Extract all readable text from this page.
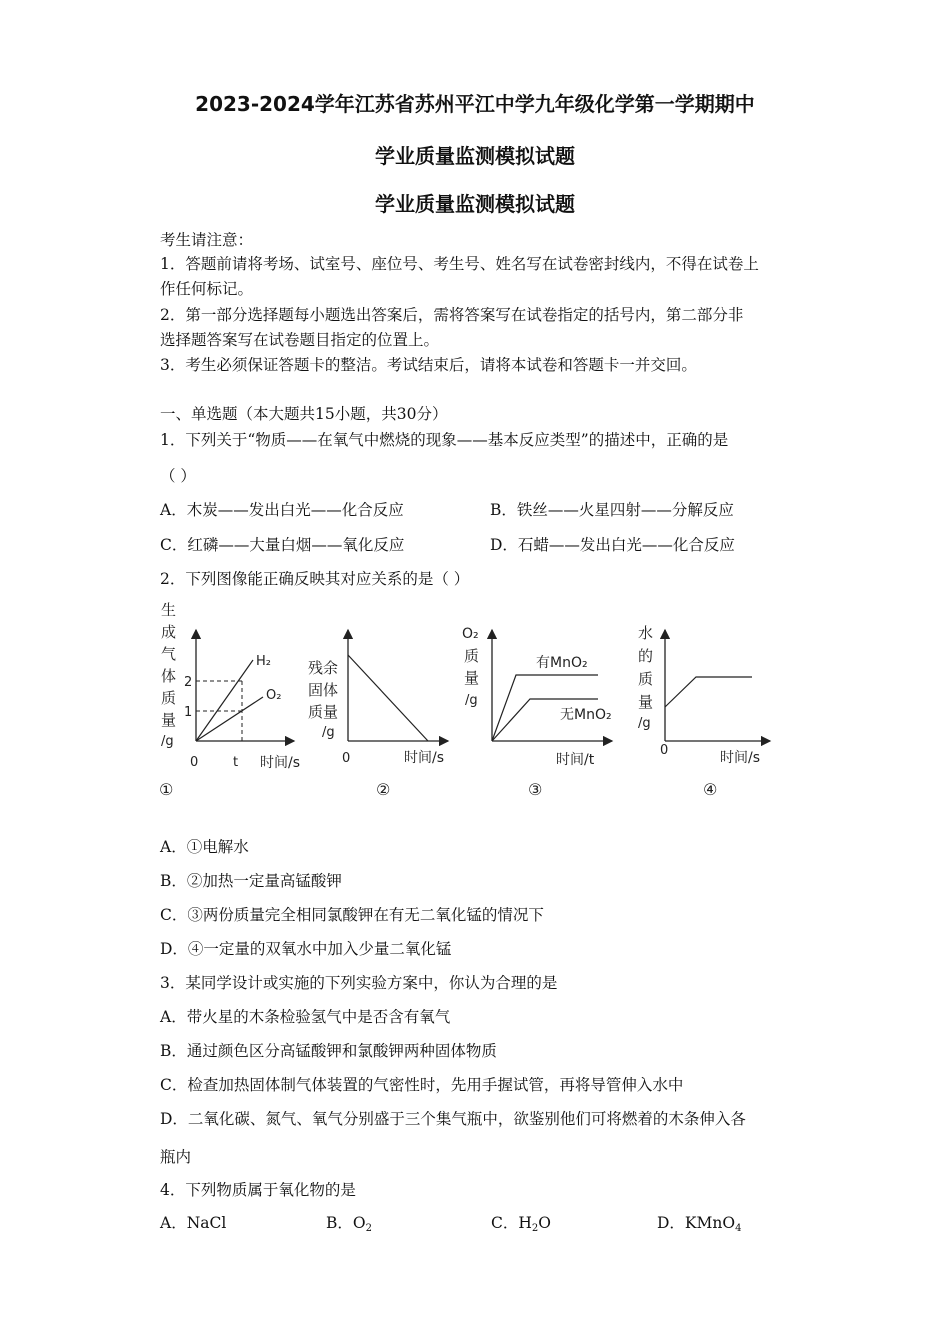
2023-2024学年江苏省苏州平江中学九年级化学第一学期期中
学业质量监测模拟试题
学业质量监测模拟试题
考生请注意：
1．答题前请将考场、试室号、座位号、考生号、姓名写在试卷密封线内，不得在试卷上
作任何标记。
2．第一部分选择题每小题选出答案后，需将答案写在试卷指定的括号内，第二部分非
选择题答案写在试卷题目指定的位置上。
3．考生必须保证答题卡的整洁。考试结束后，请将本试卷和答题卡一并交回。
一、单选题（本大题共15小题，共30分）
1．下列关于“物质——在氧气中燃烧的现象——基本反应类型”的描述中，正确的是
（ ）
A．木炭——发出白光——化合反应	B．铁丝——火星四射——分解反应
C．红磷——大量白烟——氧化反应	D．石蜡——发出白光——化合反应
2．下列图像能正确反映其对应关系的是（ ）
生
成
气
体
质
量
/g
2
1
H₂
O₂
0	t 时间/s
①
残余
固体
质量
/g
0	时间/s
②
O₂
质
量
/g
有MnO₂
无MnO₂
时间/t
③
水
的
质
量
/g
0	时间/s
④
A．①电解水
B．②加热一定量高锰酸钾
C．③两份质量完全相同氯酸钾在有无二氧化锰的情况下
D．④一定量的双氧水中加入少量二氧化锰
3．某同学设计或实施的下列实验方案中，你认为合理的是
A．带火星的木条检验氢气中是否含有氧气
B．通过颜色区分高锰酸钾和氯酸钾两种固体物质
C．检查加热固体制气体装置的气密性时，先用手握试管，再将导管伸入水中
D．二氧化碳、氮气、氧气分别盛于三个集气瓶中，欲鉴别他们可将燃着的木条伸入各
瓶内
4．下列物质属于氧化物的是
A．NaCl	B．$O_2$	C．$H_2O$	D．KMnO$_4$
